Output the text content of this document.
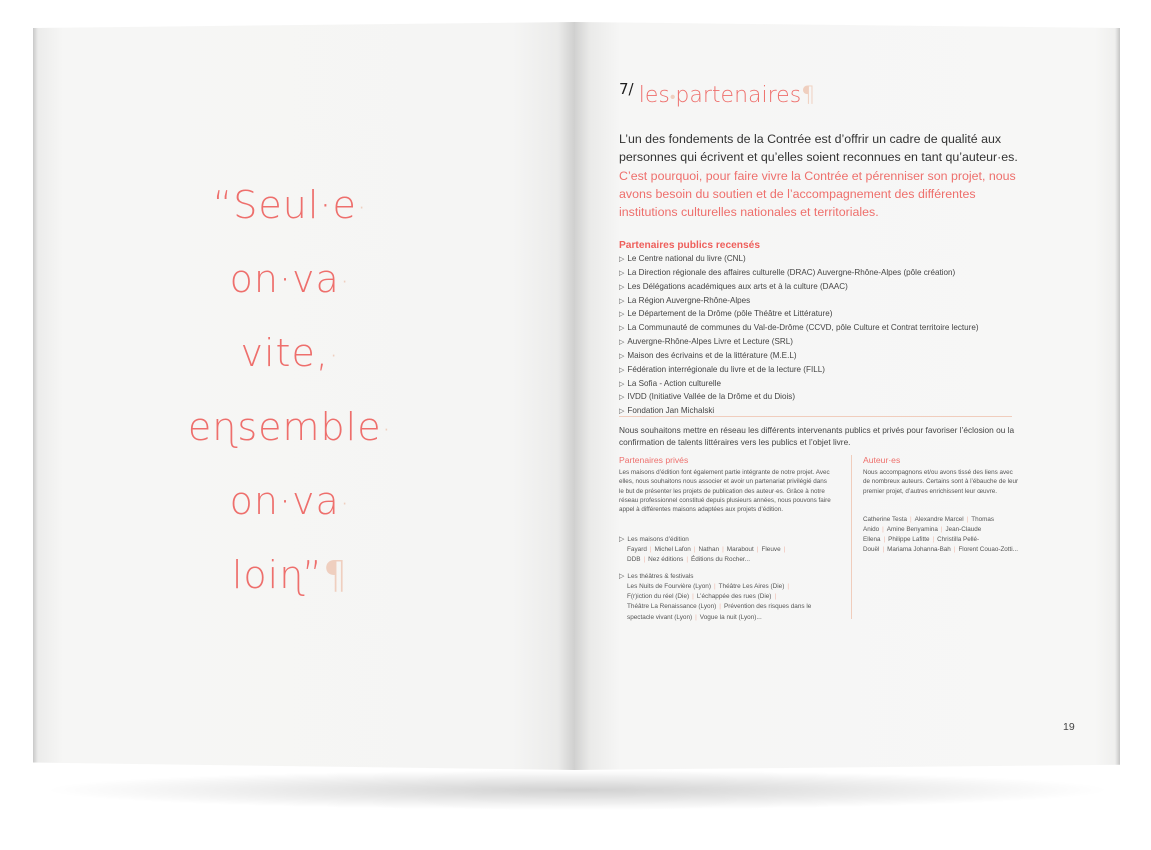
“Seul·e·
on·va·
vite,·
eɳsemble·
on·va·
loiɳ”¶
7/ les•partenaires¶
L’un des fondements de la Contrée est d’offrir un cadre de qualité aux personnes qui écrivent et qu’elles soient reconnues en tant qu’auteur·es. C’est pourquoi, pour faire vivre la Contrée et pérenniser son projet, nous avons besoin du soutien et de l’accompagnement des différentes institutions culturelles nationales et territoriales.
Partenaires publics recensés
▷ Le Centre national du livre (CNL)
▷ La Direction régionale des affaires culturelle (DRAC) Auvergne-Rhône-Alpes (pôle création)
▷ Les Délégations académiques aux arts et à la culture (DAAC)
▷ La Région Auvergne-Rhône-Alpes
▷ Le Département de la Drôme (pôle Théâtre et Littérature)
▷ La Communauté de communes du Val-de-Drôme (CCVD, pôle Culture et Contrat territoire lecture)
▷ Auvergne-Rhône-Alpes Livre et Lecture (SRL)
▷ Maison des écrivains et de la littérature (M.E.L)
▷ Fédération interrégionale du livre et de la lecture (FILL)
▷ La Sofia - Action culturelle
▷ IVDD (Initiative Vallée de la Drôme et du Diois)
▷ Fondation Jan Michalski
Nous souhaitons mettre en réseau les différents intervenants publics et privés pour favoriser l’éclosion ou la confirmation de talents littéraires vers les publics et l’objet livre.
Partenaires privés
Les maisons d’édition font également partie intégrante de notre projet. Avec elles, nous souhaitons nous associer et avoir un partenariat privilégié dans le but de présenter les projets de publication des auteur·es. Grâce à notre réseau professionnel constitué depuis plusieurs années, nous pouvons faire appel à différentes maisons adaptées aux projets d’édition.
▷ Les maisons d’édition
Fayard | Michel Lafon | Nathan | Marabout | Fleuve |
DDB | Nez éditions | Éditions du Rocher...
▷ Les théâtres & festivals
Les Nuits de Fourvière (Lyon) | Théâtre Les Aires (Die) |
F(r)iction du réel (Die) | L’échappée des rues (Die) |
Théâtre La Renaissance (Lyon) | Prévention des risques dans le spectacle vivant (Lyon) | Vogue la nuit (Lyon)...
Auteur·es
Nous accompagnons et/ou avons tissé des liens avec de nombreux auteurs. Certains sont à l’ébauche de leur premier projet, d’autres enrichissent leur œuvre.
Catherine Testa | Alexandre Marcel | Thomas Anido | Amine Benyamina | Jean-Claude Ellena | Philippe Lafitte | Christilla Pellé-Douël | Mariama Johanna-Bah | Florent Couao-Zotti...
19
